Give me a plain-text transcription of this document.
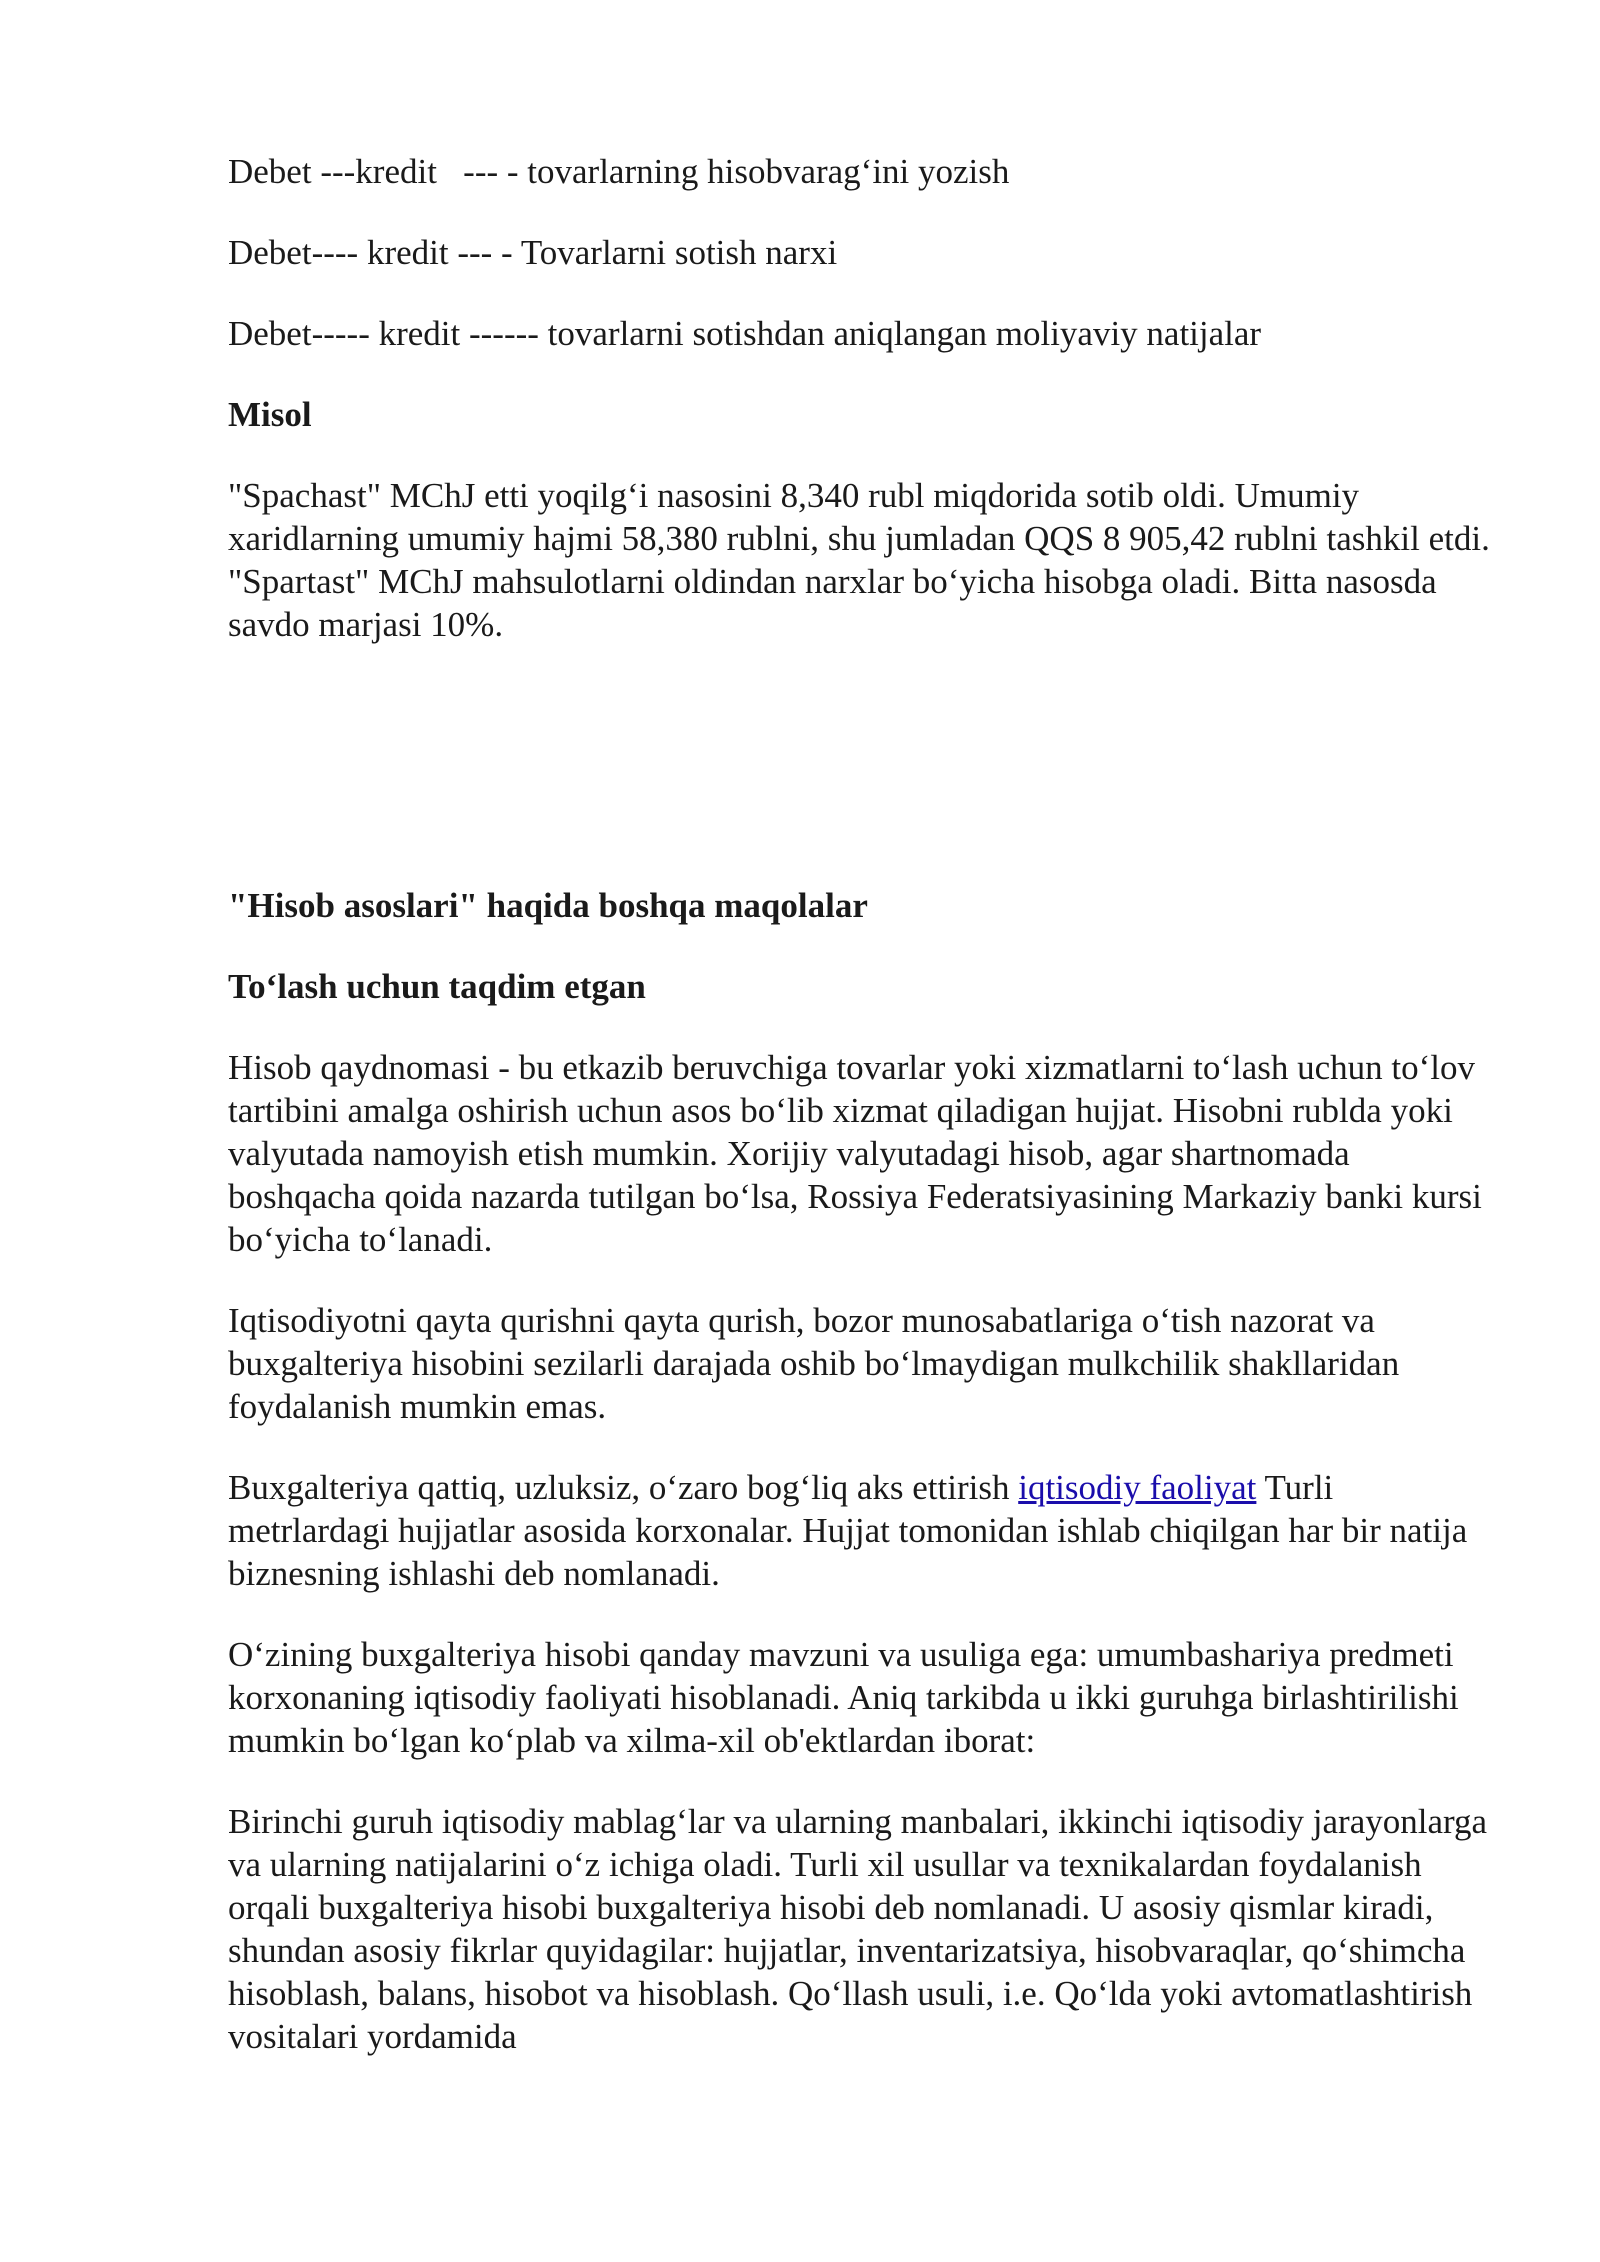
Debet ---kredit   --- - tovarlarning hisobvarag‘ini yozish
Debet---- kredit --- - Tovarlarni sotish narxi
Debet----- kredit ------ tovarlarni sotishdan aniqlangan moliyaviy natijalar
Misol
"Spachast" MChJ etti yoqilg‘i nasosini 8,340 rubl miqdorida sotib oldi. Umumiy xaridlarning umumiy hajmi 58,380 rublni, shu jumladan QQS 8 905,42 rublni tashkil etdi. "Spartast" MChJ mahsulotlarni oldindan narxlar bo‘yicha hisobga oladi. Bitta nasosda savdo marjasi 10%.
"Hisob asoslari" haqida boshqa maqolalar
To‘lash uchun taqdim etgan
Hisob qaydnomasi - bu etkazib beruvchiga tovarlar yoki xizmatlarni to‘lash uchun to‘lov tartibini amalga oshirish uchun asos bo‘lib xizmat qiladigan hujjat. Hisobni rublda yoki valyutada namoyish etish mumkin. Xorijiy valyutadagi hisob, agar shartnomada boshqacha qoida nazarda tutilgan bo‘lsa, Rossiya Federatsiyasining Markaziy banki kursi bo‘yicha to‘lanadi.
Iqtisodiyotni qayta qurishni qayta qurish, bozor munosabatlariga o‘tish nazorat va buxgalteriya hisobini sezilarli darajada oshib bo‘lmaydigan mulkchilik shakllaridan foydalanish mumkin emas.
Buxgalteriya qattiq, uzluksiz, o‘zaro bog‘liq aks ettirish iqtisodiy faoliyat Turli metrlardagi hujjatlar asosida korxonalar. Hujjat tomonidan ishlab chiqilgan har bir natija biznesning ishlashi deb nomlanadi.
O‘zining buxgalteriya hisobi qanday mavzuni va usuliga ega: umumbashariya predmeti korxonaning iqtisodiy faoliyati hisoblanadi. Aniq tarkibda u ikki guruhga birlashtirilishi mumkin bo‘lgan ko‘plab va xilma-xil ob'ektlardan iborat:
Birinchi guruh iqtisodiy mablag‘lar va ularning manbalari, ikkinchi iqtisodiy jarayonlarga va ularning natijalarini o‘z ichiga oladi. Turli xil usullar va texnikalardan foydalanish orqali buxgalteriya hisobi buxgalteriya hisobi deb nomlanadi. U asosiy qismlar kiradi, shundan asosiy fikrlar quyidagilar: hujjatlar, inventarizatsiya, hisobvaraqlar, qo‘shimcha hisoblash, balans, hisobot va hisoblash. Qo‘llash usuli, i.e. Qo‘lda yoki avtomatlashtirish vositalari yordamida
